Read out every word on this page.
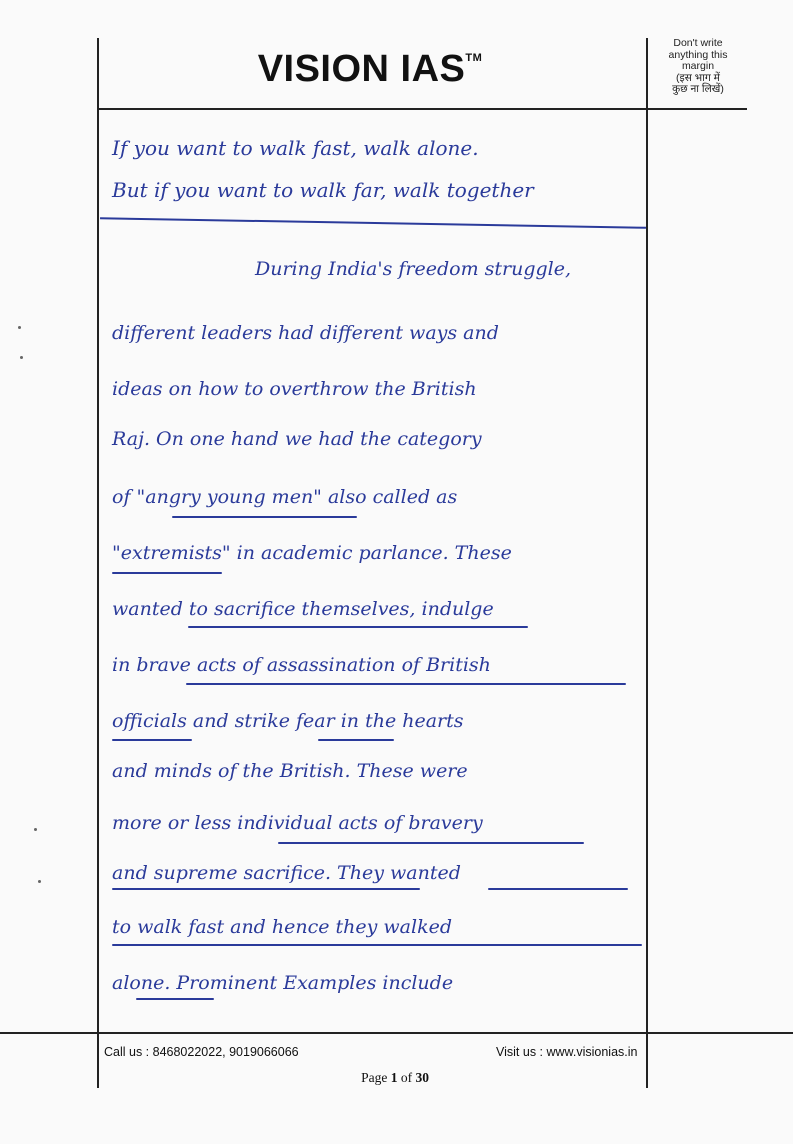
VISION IAS™
Don't write
anything this
margin
(इस भाग में
कुछ ना लिखें)
If you want to walk fast, walk alone.
But if you want to walk far, walk together
During India's freedom struggle,
different leaders had different ways and
ideas on how to overthrow the British
Raj. On one hand we had the category
of "angry young men" also called as
"extremists" in academic parlance. These
wanted to sacrifice themselves, indulge
in brave acts of assassination of British
officials and strike fear in the hearts
and minds of the British. These were
more or less individual acts of bravery
and supreme sacrifice. They wanted
to walk fast and hence they walked
alone. Prominent Examples include
Call us : 8468022022, 9019066066	Visit us : www.visionias.in
Page 1 of 30
